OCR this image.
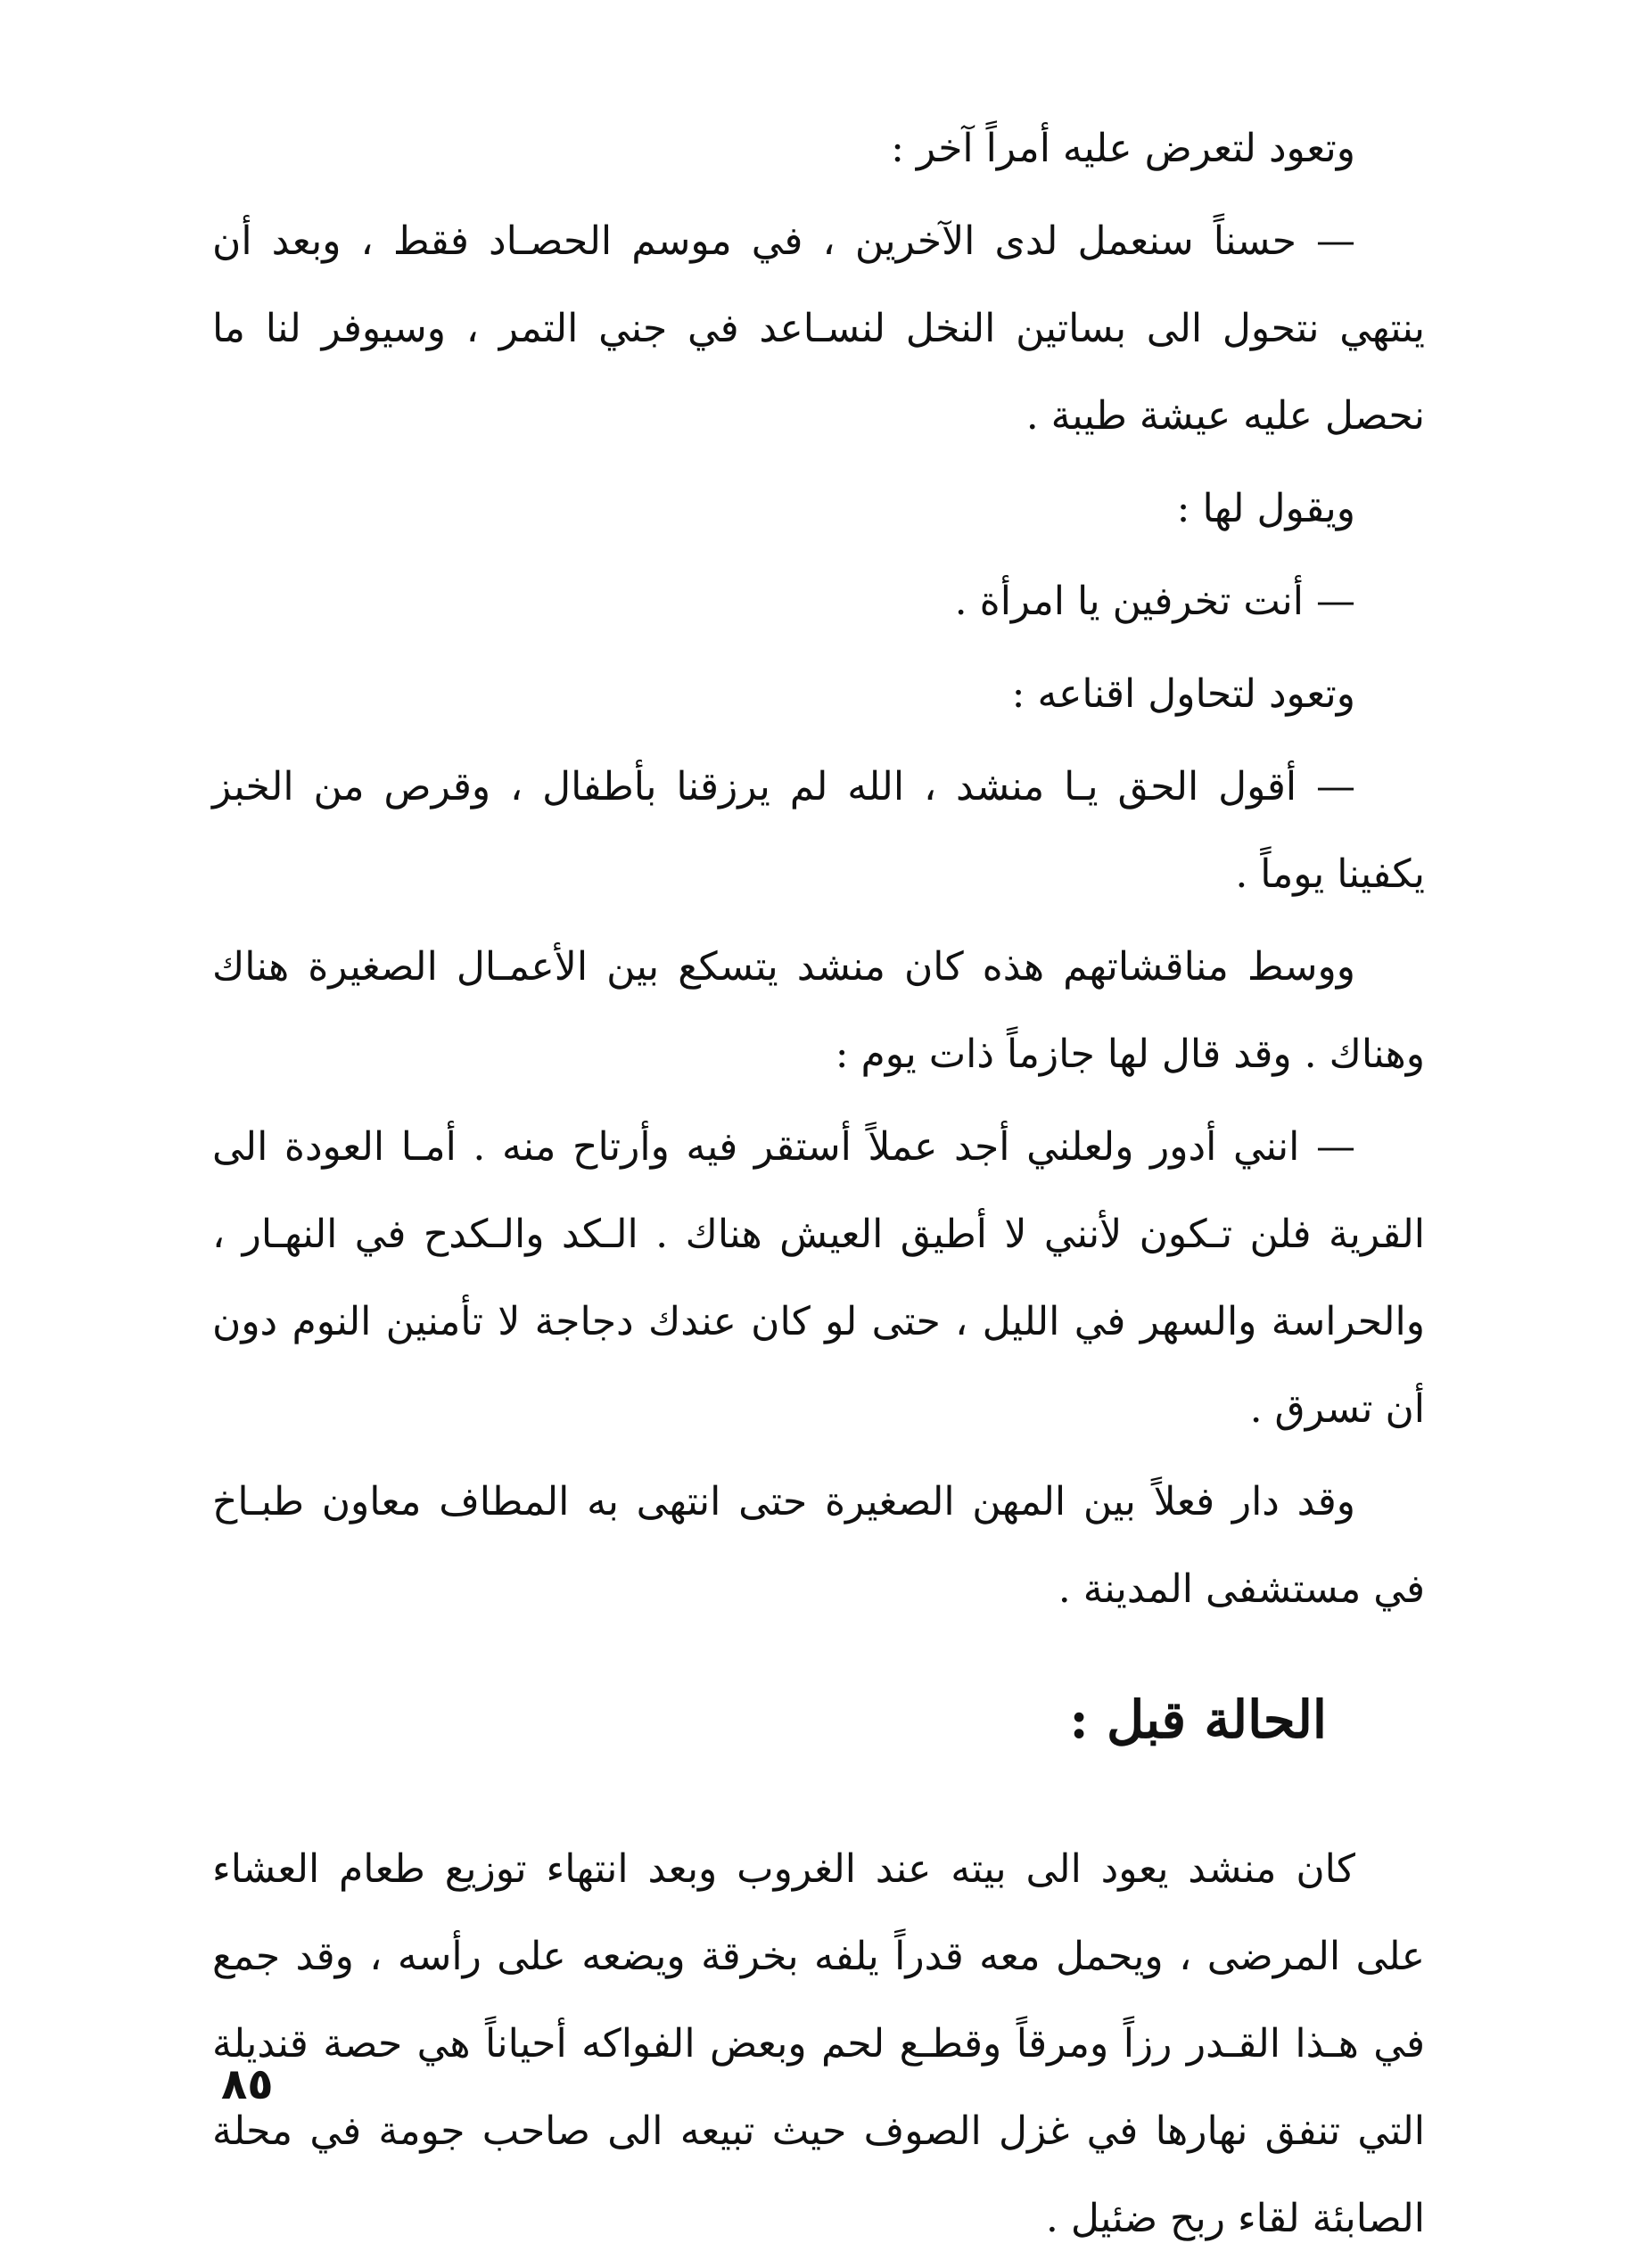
وتعود لتعرض عليه أمراً آخر :

— حسناً سنعمل لدى الآخرين ، في موسم الحصـاد فقط ، وبعد أن ينتهي نتحول الى بساتين النخل لنسـاعد في جني التمر ، وسيوفر لنا ما نحصل عليه عيشة طيبة .

ويقول لها :

— أنت تخرفين يا امرأة .

وتعود لتحاول اقناعه :

— أقول الحق يـا منشد ، الله لم يرزقنا بأطفال ، وقرص من الخبز يكفينا يوماً .

ووسط مناقشاتهم هذه كان منشد يتسكع بين الأعمـال الصغيرة هناك وهناك . وقد قال لها جازماً ذات يوم :

— انني أدور ولعلني أجد عملاً أستقر فيه وأرتاح منه . أمـا العودة الى القرية فلن تـكون لأنني لا أطيق العيش هناك . الـكد والـكدح في النهـار ، والحراسة والسهر في الليل ، حتى لو كان عندك دجاجة لا تأمنين النوم دون أن تسرق .

وقد دار فعلاً بين المهن الصغيرة حتى انتهى به المطاف معاون طبـاخ في مستشفى المدينة .

الحالة قبل :

كان منشد يعود الى بيته عند الغروب وبعد انتهاء توزيع طعام العشاء على المرضى ، ويحمل معه قدراً يلفه بخرقة ويضعه على رأسه ، وقد جمع في هـذا القـدر رزاً ومرقاً وقطـع لحم وبعض الفواكه أحياناً هي حصة قنديلة التي تنفق نهارها في غزل الصوف حيث تبيعه الى صاحب جومة في محلة الصابئة لقاء ربح ضئيل .

٨٥
